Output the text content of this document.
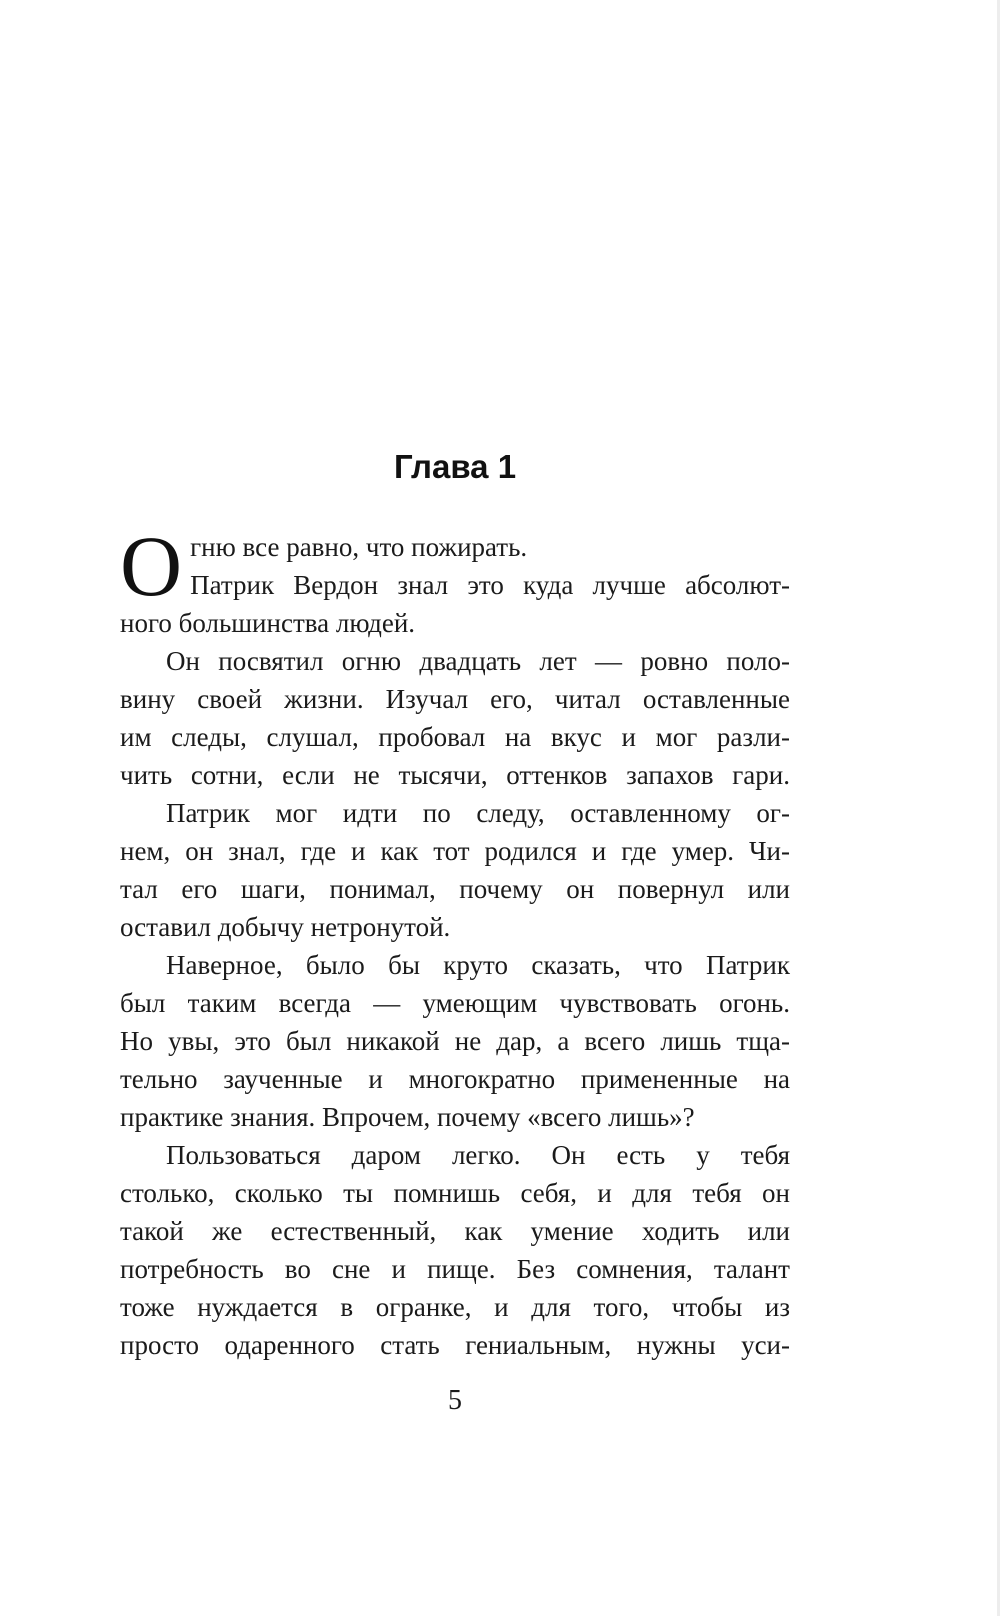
Глава 1
О гню все равно, что пожирать.
Патрик Вердон знал это куда лучше абсолют-
ного большинства людей.
Он посвятил огню двадцать лет — ровно поло-
вину своей жизни. Изучал его, читал оставленные
им следы, слушал, пробовал на вкус и мог разли-
чить сотни, если не тысячи, оттенков запахов гари.
Патрик мог идти по следу, оставленному ог-
нем, он знал, где и как тот родился и где умер. Чи-
тал его шаги, понимал, почему он повернул или
оставил добычу нетронутой.
Наверное, было бы круто сказать, что Патрик
был таким всегда — умеющим чувствовать огонь.
Но увы, это был никакой не дар, а всего лишь тща-
тельно заученные и многократно примененные на
практике знания. Впрочем, почему «всего лишь»?
Пользоваться даром легко. Он есть у тебя
столько, сколько ты помнишь себя, и для тебя он
такой же естественный, как умение ходить или
потребность во сне и пище. Без сомнения, талант
тоже нуждается в огранке, и для того, чтобы из
просто одаренного стать гениальным, нужны уси-
5
